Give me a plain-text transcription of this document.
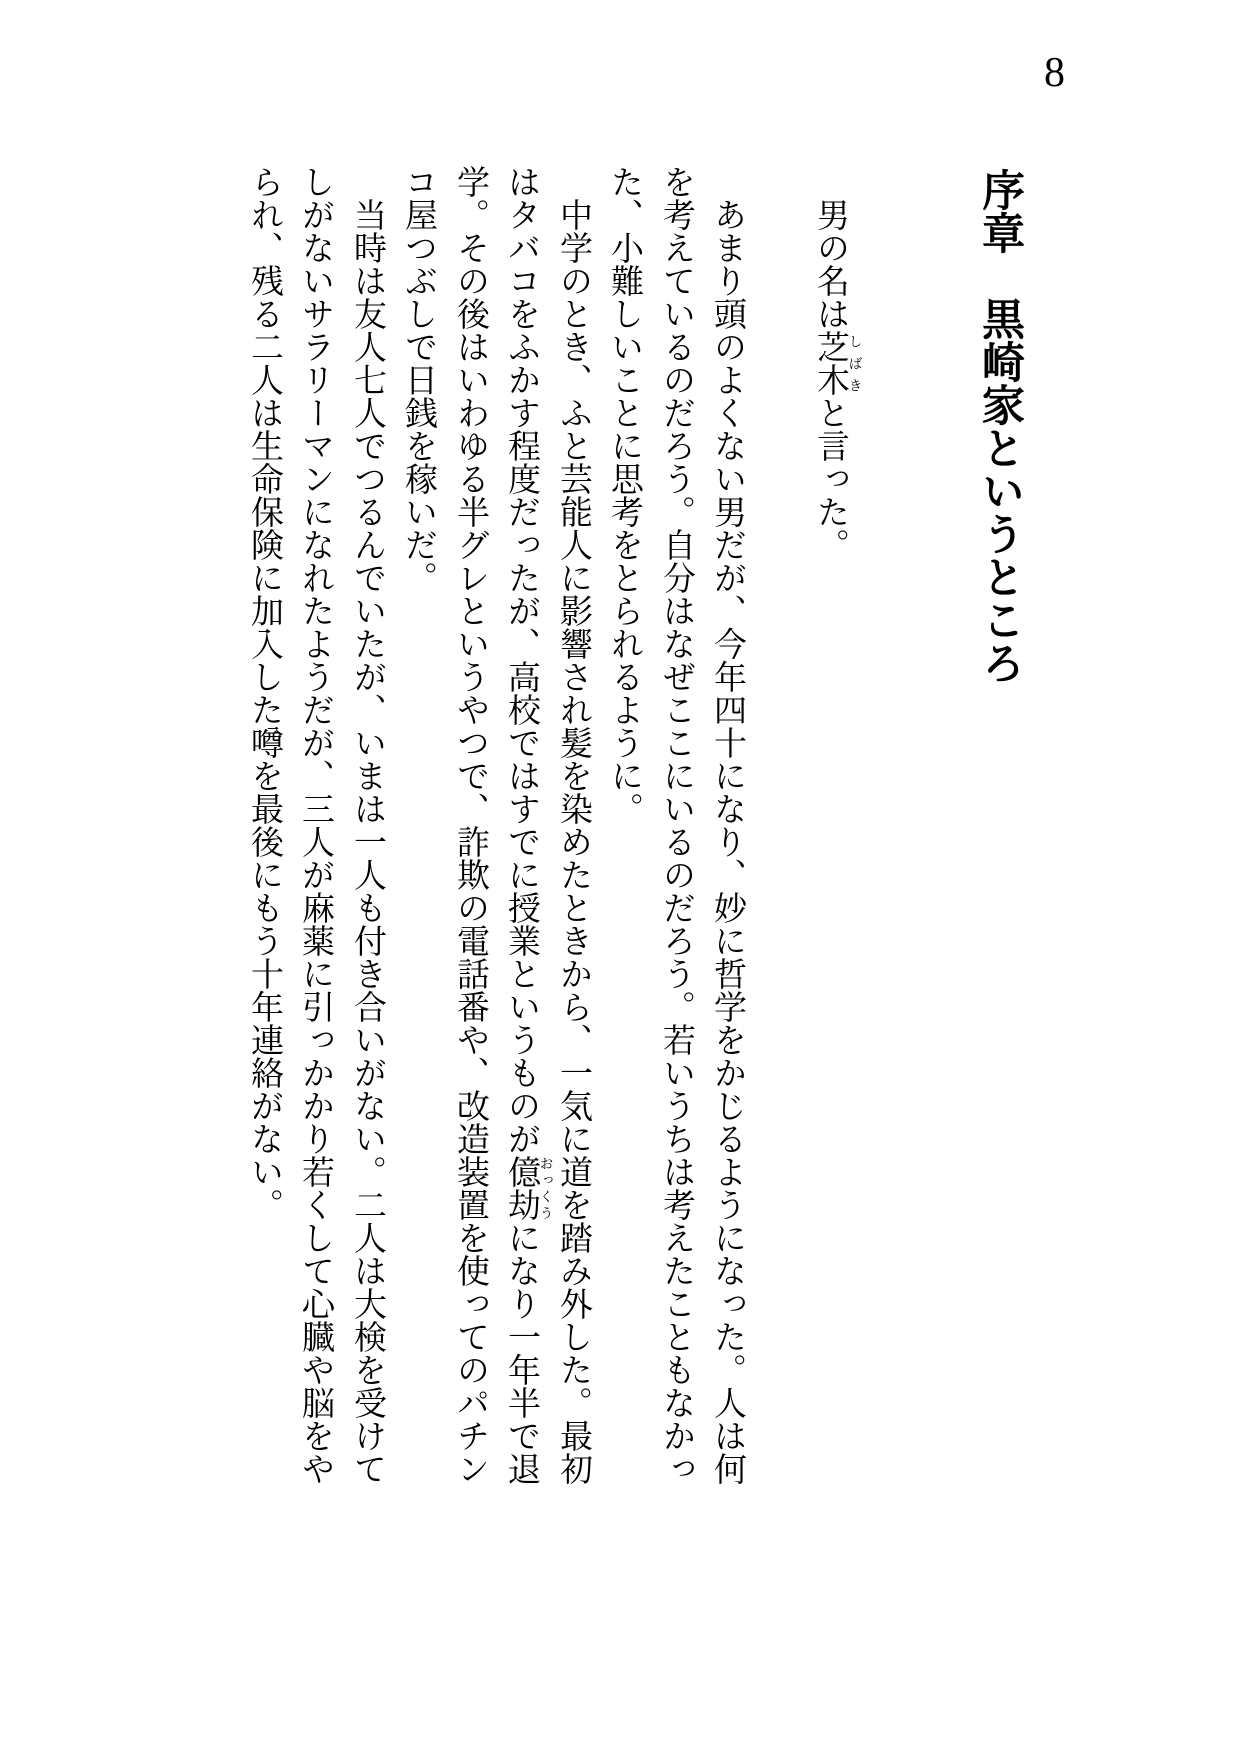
8
序章　黒崎家というところ
男の名は芝木しばきと言った。
あまり頭のよくない男だが、今年四十になり、妙に哲学をかじるようになった。人は何
を考えているのだろう。自分はなぜここにいるのだろう。若いうちは考えたこともなかっ
た、小難しいことに思考をとられるように。
中学のとき、ふと芸能人に影響され髪を染めたときから、一気に道を踏み外した。最初
はタバコをふかす程度だったが、高校ではすでに授業というものが億劫おっくうになり一年半で退
学。その後はいわゆる半グレというやつで、詐欺の電話番や、改造装置を使ってのパチン
コ屋つぶしで日銭を稼いだ。
当時は友人七人でつるんでいたが、いまは一人も付き合いがない。二人は大検を受けて
しがないサラリーマンになれたようだが、三人が麻薬に引っかかり若くして心臓や脳をや
られ、残る二人は生命保険に加入した噂を最後にもう十年連絡がない。
